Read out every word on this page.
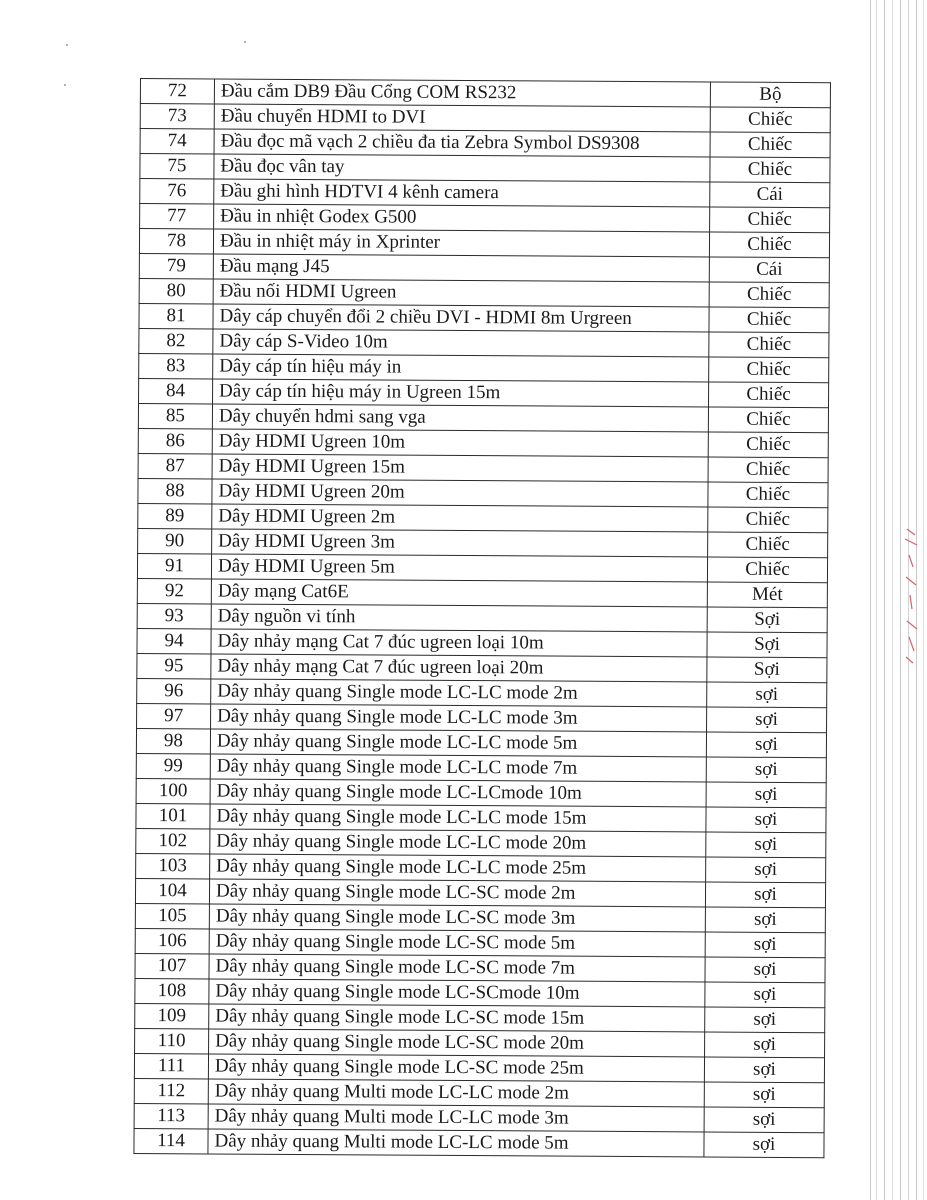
72	Đầu cắm DB9 Đầu Cổng COM RS232	Bộ
73	Đầu chuyển HDMI to DVI	Chiếc
74	Đầu đọc mã vạch 2 chiều đa tia Zebra Symbol DS9308	Chiếc
75	Đầu đọc vân tay	Chiếc
76	Đầu ghi hình HDTVI 4 kênh camera	Cái
77	Đầu in nhiệt Godex G500	Chiếc
78	Đầu in nhiệt máy in Xprinter	Chiếc
79	Đầu mạng J45	Cái
80	Đầu nối HDMI Ugreen	Chiếc
81	Dây cáp chuyển đổi 2 chiều DVI - HDMI 8m Urgreen	Chiếc
82	Dây cáp S-Video 10m	Chiếc
83	Dây cáp tín hiệu máy in	Chiếc
84	Dây cáp tín hiệu máy in Ugreen 15m	Chiếc
85	Dây chuyển hdmi sang vga	Chiếc
86	Dây HDMI Ugreen 10m	Chiếc
87	Dây HDMI Ugreen 15m	Chiếc
88	Dây HDMI Ugreen 20m	Chiếc
89	Dây HDMI Ugreen 2m	Chiếc
90	Dây HDMI Ugreen 3m	Chiếc
91	Dây HDMI Ugreen 5m	Chiếc
92	Dây mạng Cat6E	Mét
93	Dây nguồn vi tính	Sợi
94	Dây nhảy mạng Cat 7 đúc ugreen loại 10m	Sợi
95	Dây nhảy mạng Cat 7 đúc ugreen loại 20m	Sợi
96	Dây nhảy quang Single mode LC-LC mode 2m	sợi
97	Dây nhảy quang Single mode LC-LC mode 3m	sợi
98	Dây nhảy quang Single mode LC-LC mode 5m	sợi
99	Dây nhảy quang Single mode LC-LC mode 7m	sợi
100	Dây nhảy quang Single mode LC-LCmode 10m	sợi
101	Dây nhảy quang Single mode LC-LC mode 15m	sợi
102	Dây nhảy quang Single mode LC-LC mode 20m	sợi
103	Dây nhảy quang Single mode LC-LC mode 25m	sợi
104	Dây nhảy quang Single mode LC-SC mode 2m	sợi
105	Dây nhảy quang Single mode LC-SC mode 3m	sợi
106	Dây nhảy quang Single mode LC-SC mode 5m	sợi
107	Dây nhảy quang Single mode LC-SC mode 7m	sợi
108	Dây nhảy quang Single mode LC-SCmode 10m	sợi
109	Dây nhảy quang Single mode LC-SC mode 15m	sợi
110	Dây nhảy quang Single mode LC-SC mode 20m	sợi
111	Dây nhảy quang Single mode LC-SC mode 25m	sợi
112	Dây nhảy quang Multi mode LC-LC mode 2m	sợi
113	Dây nhảy quang Multi mode LC-LC mode 3m	sợi
114	Dây nhảy quang Multi mode LC-LC mode 5m	sợi
